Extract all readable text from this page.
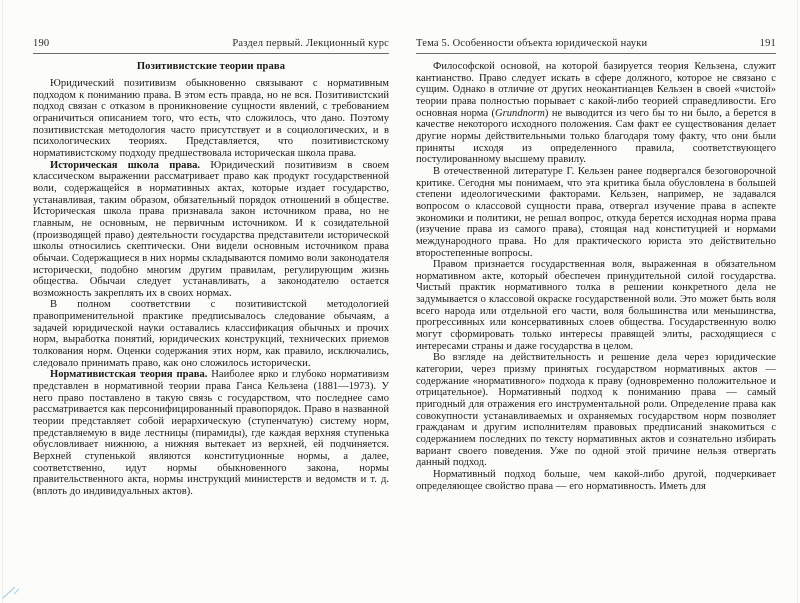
190	Раздел первый. Лекционный курс
Позитивистские теории права

Юридический позитивизм обыкновенно связывают с нормативным подходом к пониманию права. В этом есть правда, но не вся. Позитивистский подход связан с отказом в проникновение сущности явлений, с требованием ограничиться описанием того, что есть, что сложилось, что дано. Поэтому позитивистская методология часто присутствует и в социологических, и в психологических теориях. Представляется, что позитивистскому нормативистскому подходу предшествовала историческая школа права.

Историческая школа права. Юридический позитивизм в своем классическом выражении рассматривает право как продукт государственной воли, содержащейся в нормативных актах, которые издает государство, устанавливая, таким образом, обязательный порядок отношений в обществе. Историческая школа права признавала закон источником права, но не главным, не основным, не первичным источником. И к созидательной (производящей право) деятельности государства представители исторической школы относились скептически. Они видели основным источником права обычаи. Содержащиеся в них нормы складываются помимо воли законодателя исторически, подобно многим другим правилам, регулирующим жизнь общества. Обычаи следует устанавливать, а законодателю остается возможность закреплять их в своих нормах.

В полном соответствии с позитивистской методологией правоприменительной практике предписывалось следование обычаям, а задачей юридической науки оставались классификация обычных и прочих норм, выработка понятий, юридических конструкций, технических приемов толкования норм. Оценки содержания этих норм, как правило, исключались, следовало принимать право, как оно сложилось исторически.

Нормативистская теория права. Наиболее ярко и глубоко нормативизм представлен в нормативной теории права Ганса Кельзена (1881—1973). У него право поставлено в такую связь с государством, что последнее само рассматривается как персонифицированный правопорядок. Право в названной теории представляет собой иерархическую (ступенчатую) систему норм, представляемую в виде лестницы (пирамиды), где каждая верхняя ступенька обусловливает нижнюю, а нижняя вытекает из верхней, ей подчиняется. Верхней ступенькой являются конституционные нормы, а далее, соответственно, идут нормы обыкновенного закона, нормы правительственного акта, нормы инструкций министерств и ведомств и т. д. (вплоть до индивидуальных актов).

Тема 5. Особенности объекта юридической науки	191

Философской основой, на которой базируется теория Кельзена, служит кантианство. Право следует искать в сфере должного, которое не связано с сущим. Однако в отличие от других неокантианцев Кельзен в своей «чистой» теории права полностью порывает с какой-либо теорией справедливости. Его основная норма (Grundnorm) не выводится из чего бы то ни было, а берется в качестве некоторого исходного положения. Сам факт ее существования делает другие нормы действительными только благодаря тому факту, что они были приняты исходя из определенного правила, соответствующего постулированному высшему правилу.

В отечественной литературе Г. Кельзен ранее подвергался безоговорочной критике. Сегодня мы понимаем, что эта критика была обусловлена в большей степени идеологическими факторами. Кельзен, например, не задавался вопросом о классовой сущности права, отвергал изучение права в аспекте экономики и политики, не решал вопрос, откуда берется исходная норма права (изучение права из самого права), стоящая над конституцией и нормами международного права. Но для практического юриста это действительно второстепенные вопросы.

Правом признается государственная воля, выраженная в обязательном нормативном акте, который обеспечен принудительной силой государства. Чистый практик нормативного толка в решении конкретного дела не задумывается о классовой окраске государственной воли. Это может быть воля всего народа или отдельной его части, воля большинства или меньшинства, прогрессивных или консервативных слоев общества. Государственную волю могут сформировать только интересы правящей элиты, расходящиеся с интересами страны и даже государства в целом.

Во взгляде на действительность и решение дела через юридические категории, через призму принятых государством нормативных актов — содержание «нормативного» подхода к праву (одновременно положительное и отрицательное). Нормативный подход к пониманию права — самый пригодный для отражения его инструментальной роли. Определение права как совокупности устанавливаемых и охраняемых государством норм позволяет гражданам и другим исполнителям правовых предписаний знакомиться с содержанием последних по тексту нормативных актов и сознательно избирать вариант своего поведения. Уже по одной этой причине нельзя отвергать данный подход.

Нормативный подход больше, чем какой-либо другой, подчеркивает определяющее свойство права — его нормативность. Иметь для
